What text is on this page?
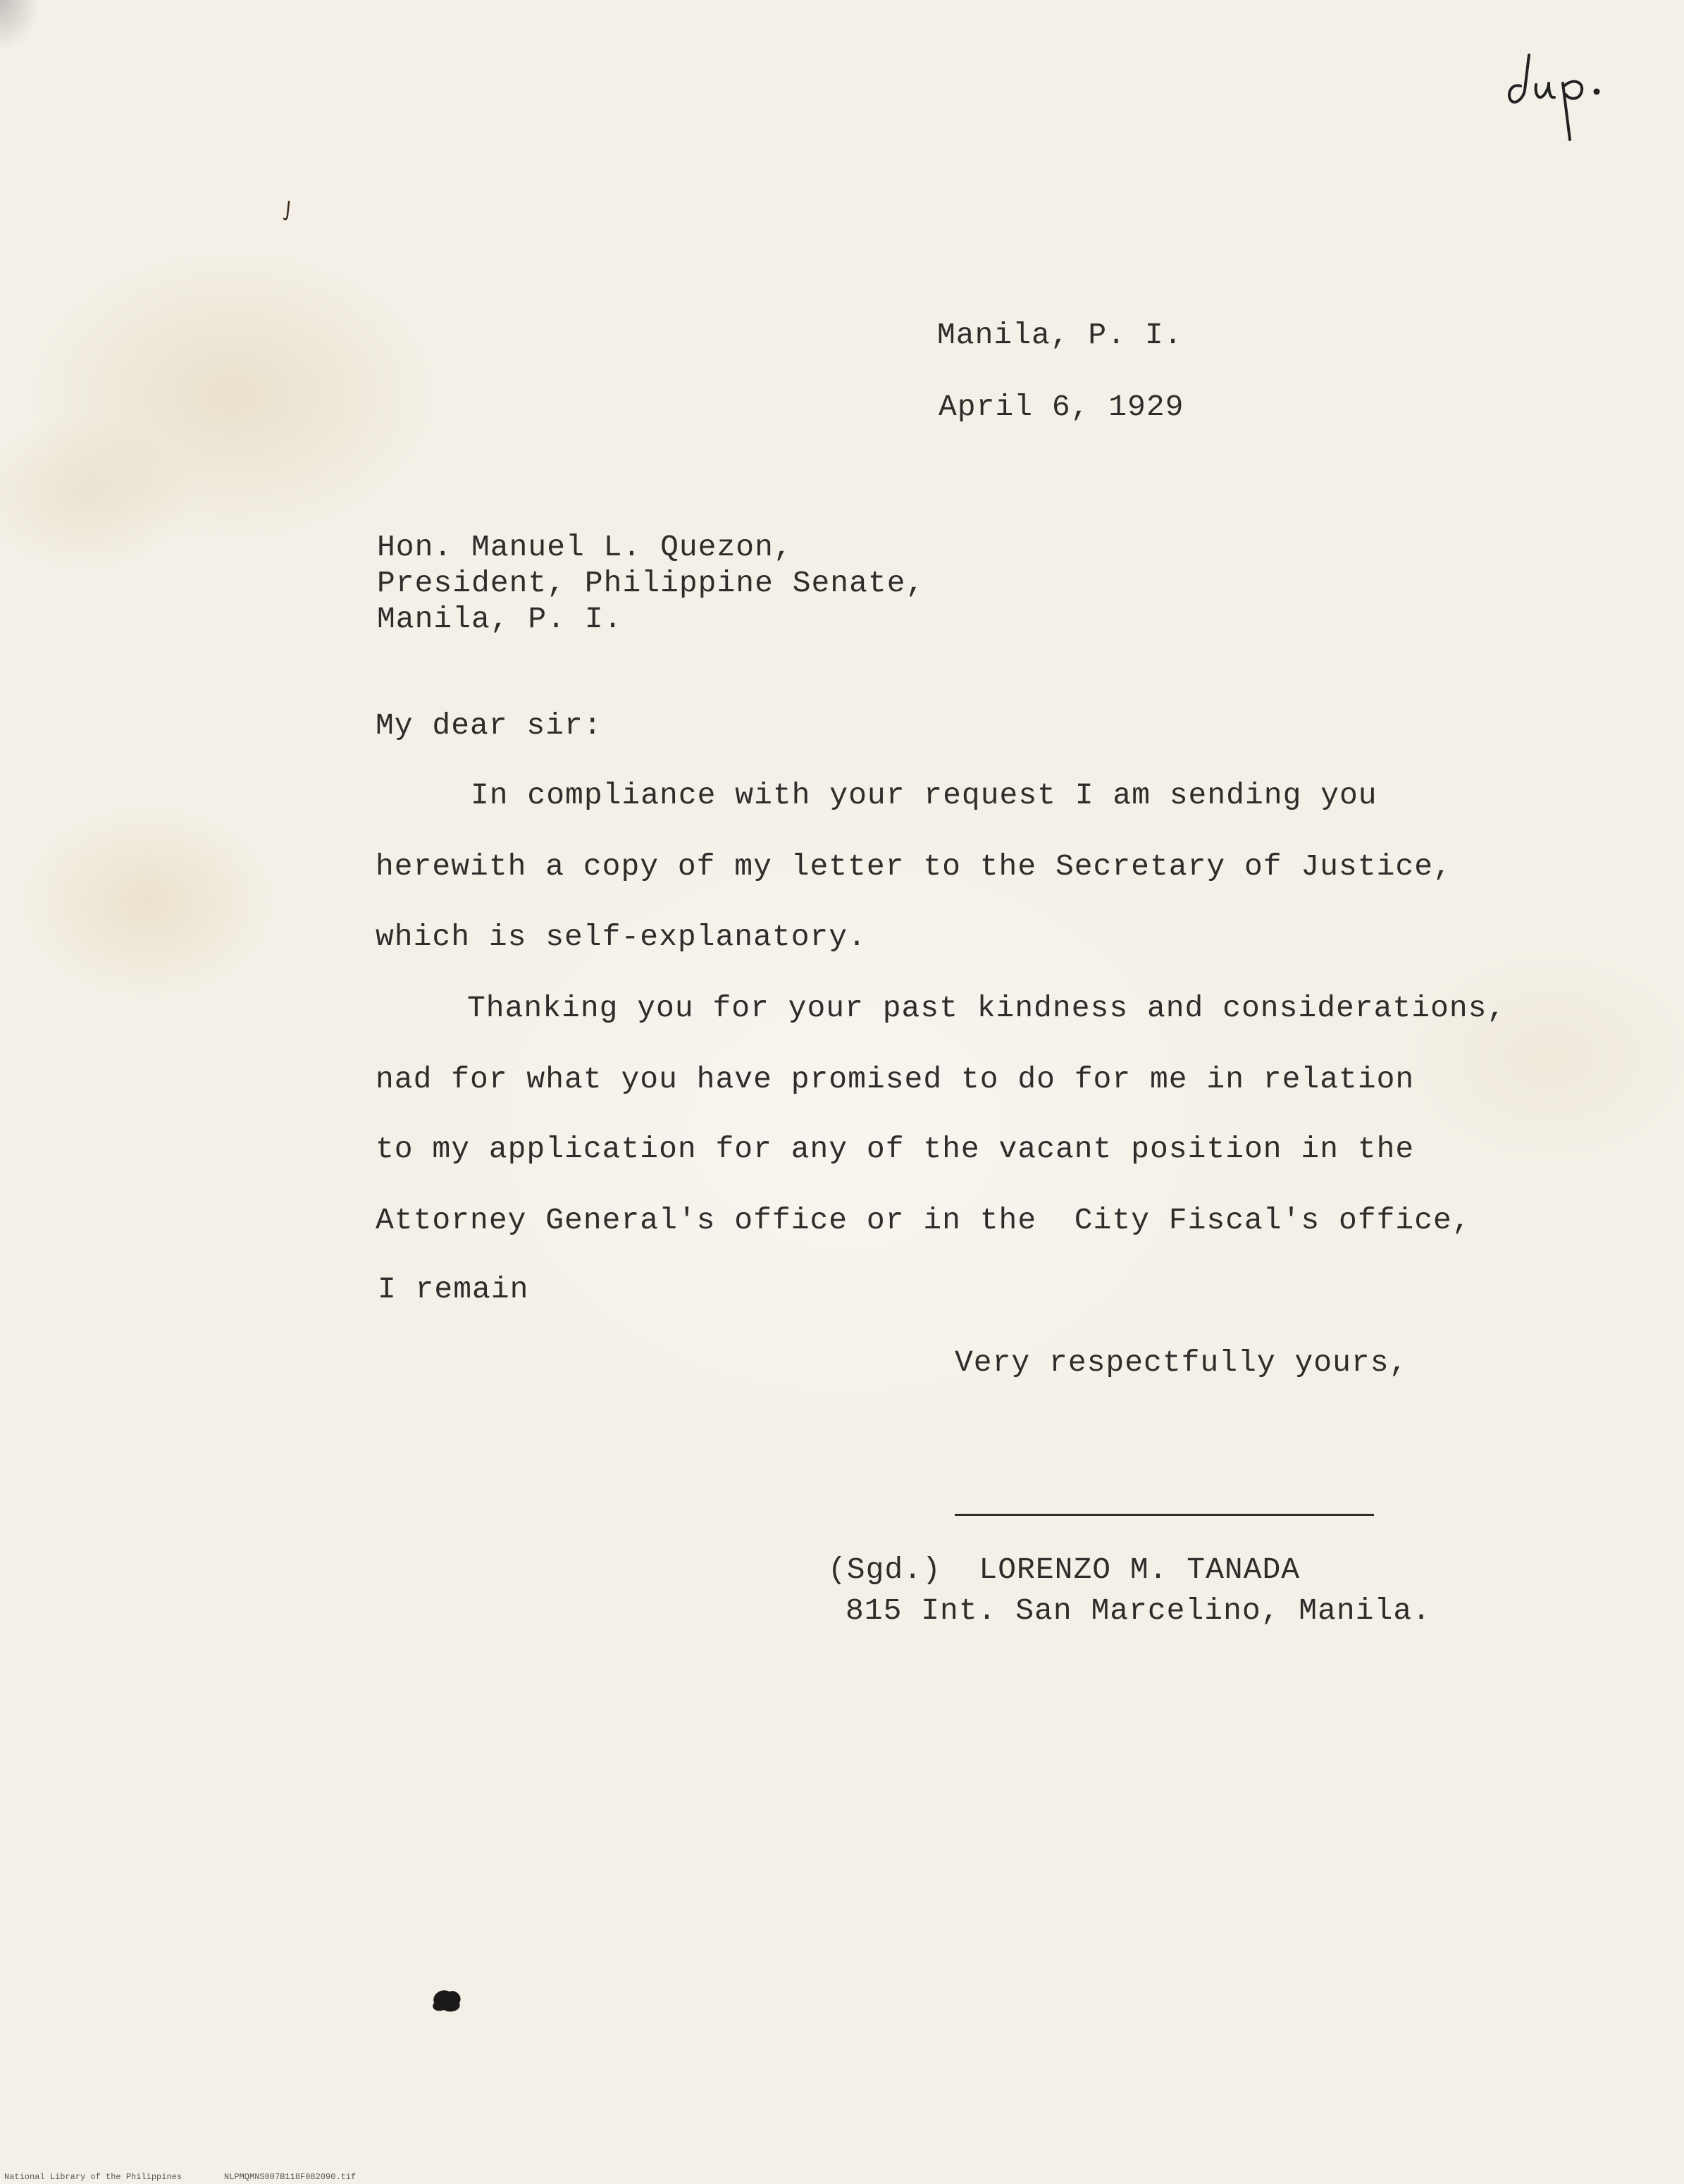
Manila, P. I.
April 6, 1929
Hon. Manuel L. Quezon,
President, Philippine Senate,
Manila, P. I.
My dear sir:
In compliance with your request I am sending you
herewith a copy of my letter to the Secretary of Justice,
which is self-explanatory.
Thanking you for your past kindness and considerations,
nad for what you have promised to do for me in relation
to my application for any of the vacant position in the
Attorney General's office or in the  City Fiscal's office,
I remain
Very respectfully yours,
(Sgd.)  LORENZO M. TANADA
815 Int. San Marcelino, Manila.
National Library of the Philippines	NLPMQMNS007B118F082090.tif
